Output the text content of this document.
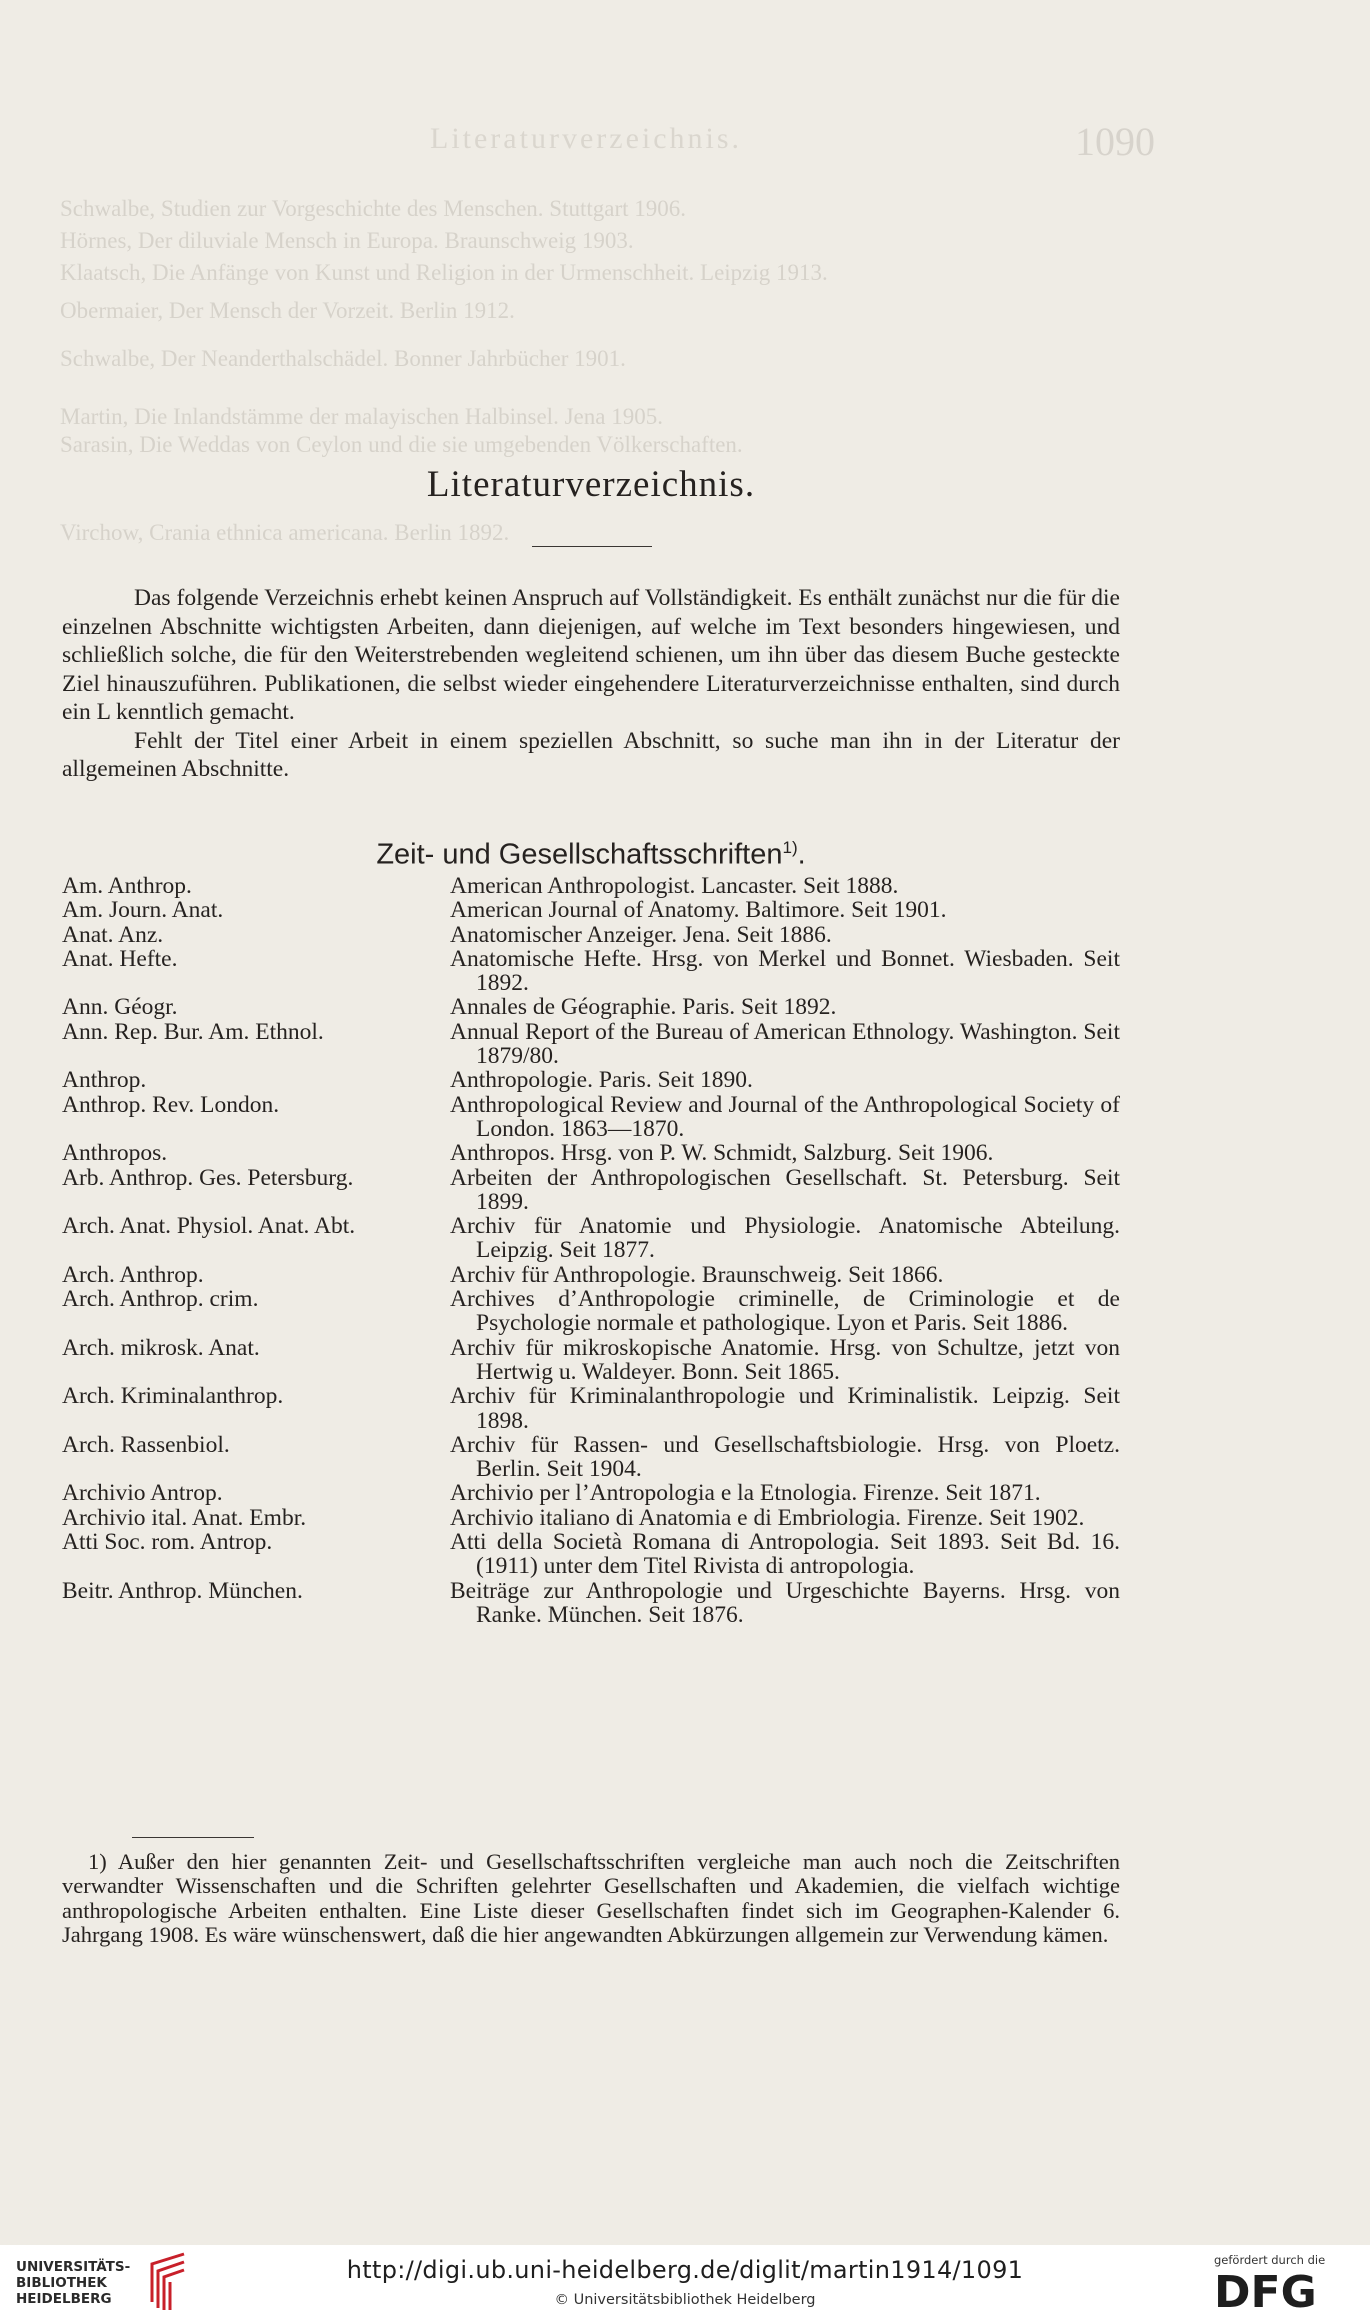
1090
Literaturverzeichnis.
Schwalbe, Studien zur Vorgeschichte des Menschen. Stuttgart 1906.
Hörnes, Der diluviale Mensch in Europa. Braunschweig 1903.
Klaatsch, Die Anfänge von Kunst und Religion in der Urmenschheit. Leipzig 1913.
Obermaier, Der Mensch der Vorzeit. Berlin 1912.
Schwalbe, Der Neanderthalschädel. Bonner Jahrbücher 1901.
Martin, Die Inlandstämme der malayischen Halbinsel. Jena 1905.
Sarasin, Die Weddas von Ceylon und die sie umgebenden Völkerschaften.
Virchow, Crania ethnica americana. Berlin 1892.
Literaturverzeichnis.

Das folgende Verzeichnis erhebt keinen Anspruch auf Vollständigkeit. Es enthält zunächst nur die für die einzelnen Abschnitte wichtigsten Arbeiten, dann diejenigen, auf welche im Text besonders hingewiesen, und schließlich solche, die für den Weiterstrebenden wegleitend schienen, um ihn über das diesem Buche gesteckte Ziel hinauszuführen. Publikationen, die selbst wieder eingehendere Literaturverzeichnisse enthalten, sind durch ein L kenntlich gemacht.

Fehlt der Titel einer Arbeit in einem speziellen Abschnitt, so suche man ihn in der Literatur der allgemeinen Abschnitte.

Zeit- und Gesellschaftsschriften$^{1)}$.
Am. Anthrop.	American Anthropologist. Lancaster. Seit 1888.
Am. Journ. Anat.	American Journal of Anatomy. Baltimore. Seit 1901.
Anat. Anz.	Anatomischer Anzeiger. Jena. Seit 1886.
Anat. Hefte.	Anatomische Hefte. Hrsg. von Merkel und Bonnet. Wiesbaden. Seit 1892.
Ann. Géogr.	Annales de Géographie. Paris. Seit 1892.
Ann. Rep. Bur. Am. Ethnol.	Annual Report of the Bureau of American Ethnology. Washington. Seit 1879/80.
Anthrop.	Anthropologie. Paris. Seit 1890.
Anthrop. Rev. London.	Anthropological Review and Journal of the Anthropological Society of London. 1863—1870.
Anthropos.	Anthropos. Hrsg. von P. W. Schmidt, Salzburg. Seit 1906.
Arb. Anthrop. Ges. Petersburg.	Arbeiten der Anthropologischen Gesellschaft. St. Petersburg. Seit 1899.
Arch. Anat. Physiol. Anat. Abt.	Archiv für Anatomie und Physiologie. Anatomische Abteilung. Leipzig. Seit 1877.
Arch. Anthrop.	Archiv für Anthropologie. Braunschweig. Seit 1866.
Arch. Anthrop. crim.	Archives d’Anthropologie criminelle, de Criminologie et de Psychologie normale et pathologique. Lyon et Paris. Seit 1886.
Arch. mikrosk. Anat.	Archiv für mikroskopische Anatomie. Hrsg. von Schultze, jetzt von Hertwig u. Waldeyer. Bonn. Seit 1865.
Arch. Kriminalanthrop.	Archiv für Kriminalanthropologie und Kriminalistik. Leipzig. Seit 1898.
Arch. Rassenbiol.	Archiv für Rassen- und Gesellschaftsbiologie. Hrsg. von Ploetz. Berlin. Seit 1904.
Archivio Antrop.	Archivio per l’Antropologia e la Etnologia. Firenze. Seit 1871.
Archivio ital. Anat. Embr.	Archivio italiano di Anatomia e di Embriologia. Firenze. Seit 1902.
Atti Soc. rom. Antrop.	Atti della Società Romana di Antropologia. Seit 1893. Seit Bd. 16. (1911) unter dem Titel Rivista di antropologia.
Beitr. Anthrop. München.	Beiträge zur Anthropologie und Urgeschichte Bayerns. Hrsg. von Ranke. München. Seit 1876.

1) Außer den hier genannten Zeit- und Gesellschaftsschriften vergleiche man auch noch die Zeitschriften verwandter Wissenschaften und die Schriften gelehrter Gesellschaften und Akademien, die vielfach wichtige anthropologische Arbeiten enthalten. Eine Liste dieser Gesellschaften findet sich im Geographen-Kalender 6. Jahrgang 1908. Es wäre wünschenswert, daß die hier angewandten Abkürzungen allgemein zur Verwendung kämen.

UNIVERSITÄTS-
BIBLIOTHEK
HEIDELBERG
http://digi.ub.uni-heidelberg.de/diglit/martin1914/1091
© Universitätsbibliothek Heidelberg
gefördert durch die
DFG
